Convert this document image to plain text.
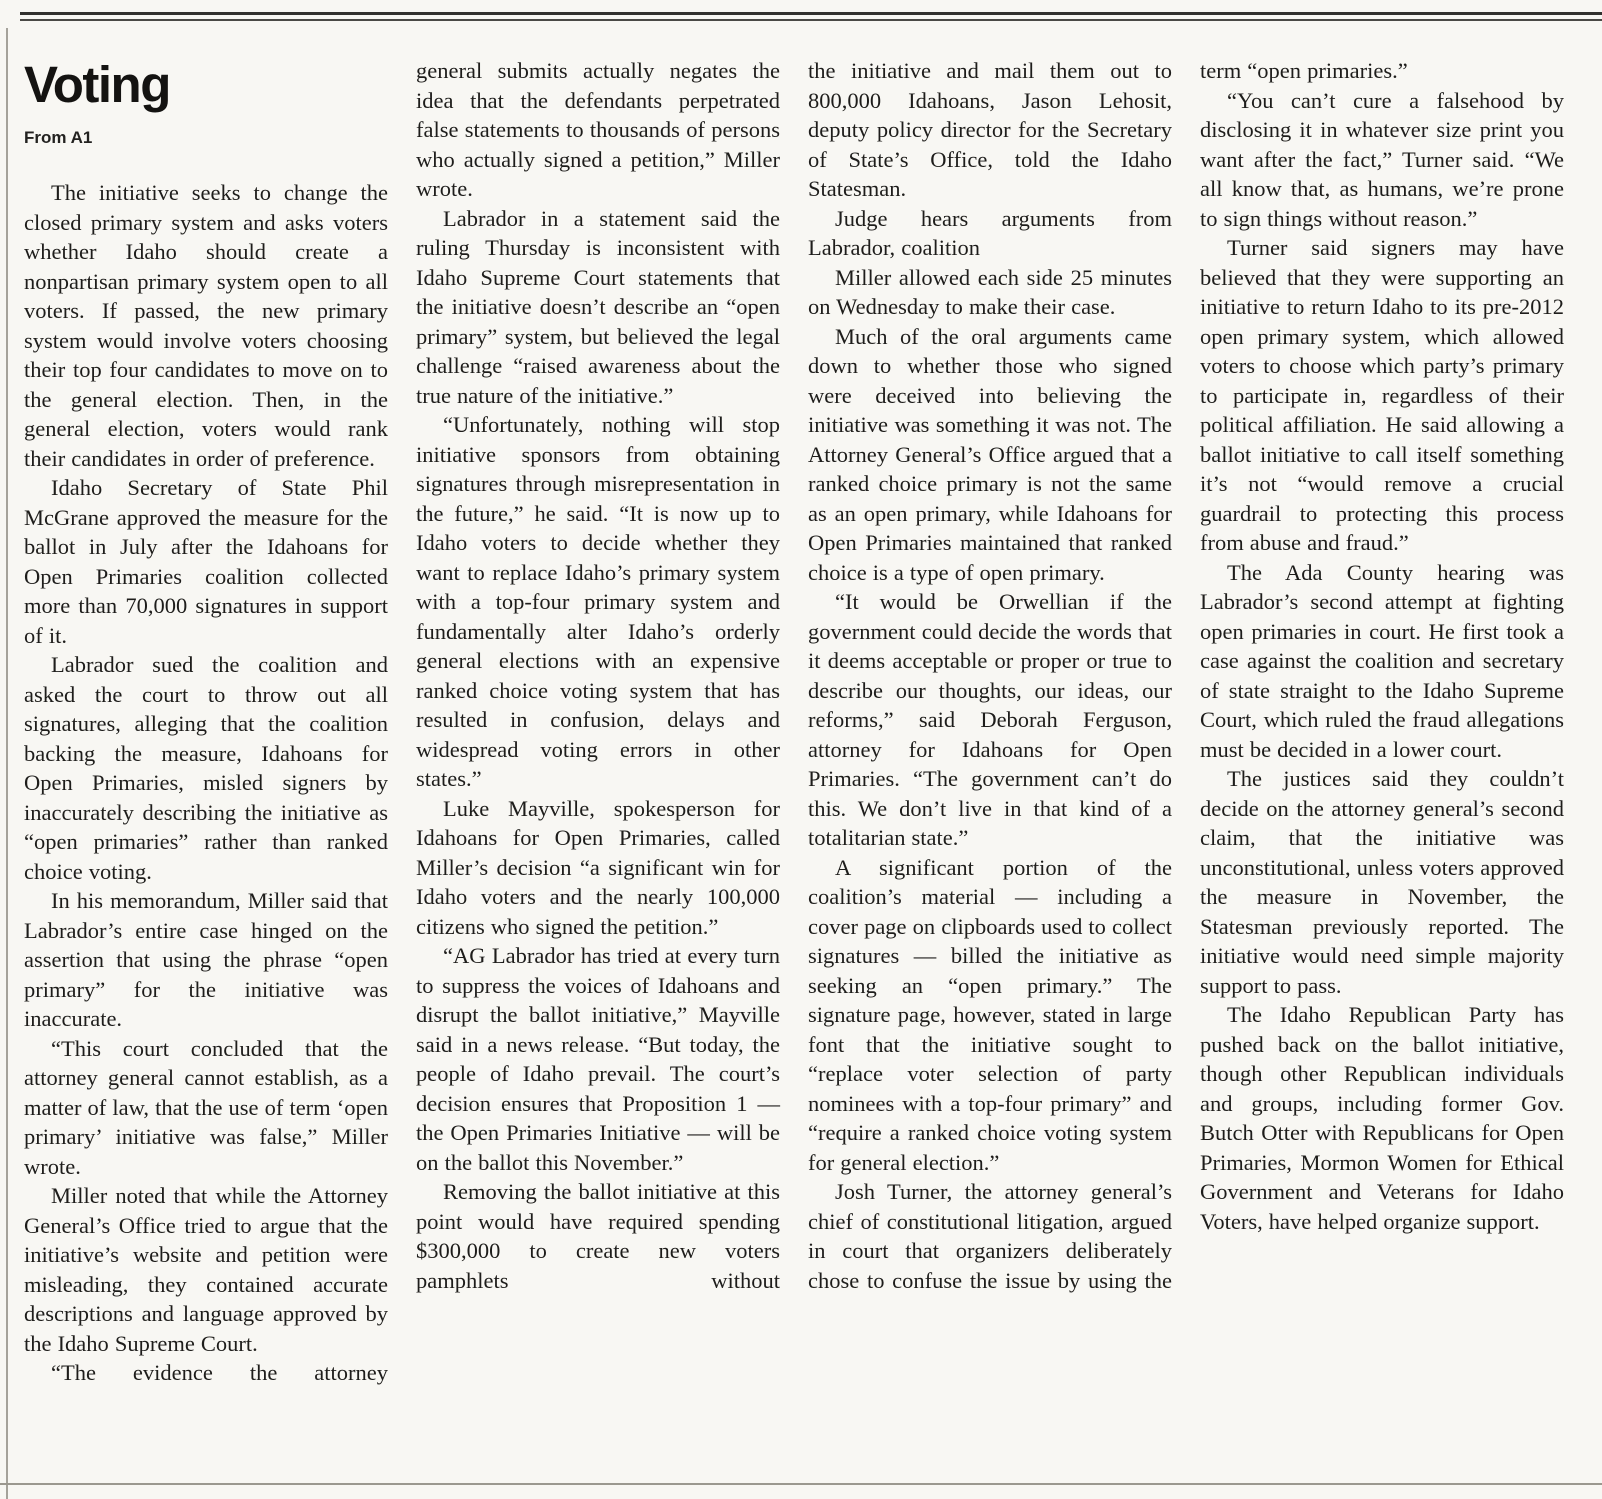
Voting
From A1

The initiative seeks to change the closed primary system and asks voters whether Idaho should create a nonpartisan primary system open to all voters. If passed, the new primary system would involve voters choosing their top four candidates to move on to the general election. Then, in the general election, voters would rank their candidates in order of preference.

Idaho Secretary of State Phil McGrane approved the measure for the ballot in July after the Idahoans for Open Primaries coalition collected more than 70,000 signatures in support of it.

Labrador sued the coalition and asked the court to throw out all signatures, alleging that the coalition backing the measure, Idahoans for Open Primaries, misled signers by inaccurately describing the initiative as “open primaries” rather than ranked choice voting.

In his memorandum, Miller said that Labrador’s entire case hinged on the assertion that using the phrase “open primary” for the initiative was inaccurate.

“This court concluded that the attorney general cannot establish, as a matter of law, that the use of term ‘open primary’ initiative was false,” Miller wrote.

Miller noted that while the Attorney General’s Office tried to argue that the initiative’s website and petition were misleading, they contained accurate descriptions and language approved by the Idaho Supreme Court.

“The evidence the attorney

general submits actually negates the idea that the defendants perpetrated false statements to thousands of persons who actually signed a petition,” Miller wrote.

Labrador in a statement said the ruling Thursday is inconsistent with Idaho Supreme Court statements that the initiative doesn’t describe an “open primary” system, but believed the legal challenge “raised awareness about the true nature of the initiative.”

“Unfortunately, nothing will stop initiative sponsors from obtaining signatures through misrepresentation in the future,” he said. “It is now up to Idaho voters to decide whether they want to replace Idaho’s primary system with a top-four primary system and fundamentally alter Idaho’s orderly general elections with an expensive ranked choice voting system that has resulted in confusion, delays and widespread voting errors in other states.”

Luke Mayville, spokesperson for Idahoans for Open Primaries, called Miller’s decision “a significant win for Idaho voters and the nearly 100,000 citizens who signed the petition.”

“AG Labrador has tried at every turn to suppress the voices of Idahoans and disrupt the ballot initiative,” Mayville said in a news release. “But today, the people of Idaho prevail. The court’s decision ensures that Proposition 1 — the Open Primaries Initiative — will be on the ballot this November.”

Removing the ballot initiative at this point would have required spending $300,000 to create new voters pamphlets without

the initiative and mail them out to 800,000 Idahoans, Jason Lehosit, deputy policy director for the Secretary of State’s Office, told the Idaho Statesman.

Judge hears arguments from Labrador, coalition

Miller allowed each side 25 minutes on Wednesday to make their case.

Much of the oral arguments came down to whether those who signed were deceived into believing the initiative was something it was not. The Attorney General’s Office argued that a ranked choice primary is not the same as an open primary, while Idahoans for Open Primaries maintained that ranked choice is a type of open primary.

“It would be Orwellian if the government could decide the words that it deems acceptable or proper or true to describe our thoughts, our ideas, our reforms,” said Deborah Ferguson, attorney for Idahoans for Open Primaries. “The government can’t do this. We don’t live in that kind of a totalitarian state.”

A significant portion of the coalition’s material — including a cover page on clipboards used to collect signatures — billed the initiative as seeking an “open primary.” The signature page, however, stated in large font that the initiative sought to “replace voter selection of party nominees with a top-four primary” and “require a ranked choice voting system for general election.”

Josh Turner, the attorney general’s chief of constitutional litigation, argued in court that organizers deliberately chose to confuse the issue by using the

term “open primaries.”

“You can’t cure a falsehood by disclosing it in whatever size print you want after the fact,” Turner said. “We all know that, as humans, we’re prone to sign things without reason.”

Turner said signers may have believed that they were supporting an initiative to return Idaho to its pre-2012 open primary system, which allowed voters to choose which party’s primary to participate in, regardless of their political affiliation. He said allowing a ballot initiative to call itself something it’s not “would remove a crucial guardrail to protecting this process from abuse and fraud.”

The Ada County hearing was Labrador’s second attempt at fighting open primaries in court. He first took a case against the coalition and secretary of state straight to the Idaho Supreme Court, which ruled the fraud allegations must be decided in a lower court.

The justices said they couldn’t decide on the attorney general’s second claim, that the initiative was unconstitutional, unless voters approved the measure in November, the Statesman previously reported. The initiative would need simple majority support to pass.

The Idaho Republican Party has pushed back on the ballot initiative, though other Republican individuals and groups, including former Gov. Butch Otter with Republicans for Open Primaries, Mormon Women for Ethical Government and Veterans for Idaho Voters, have helped organize support.
